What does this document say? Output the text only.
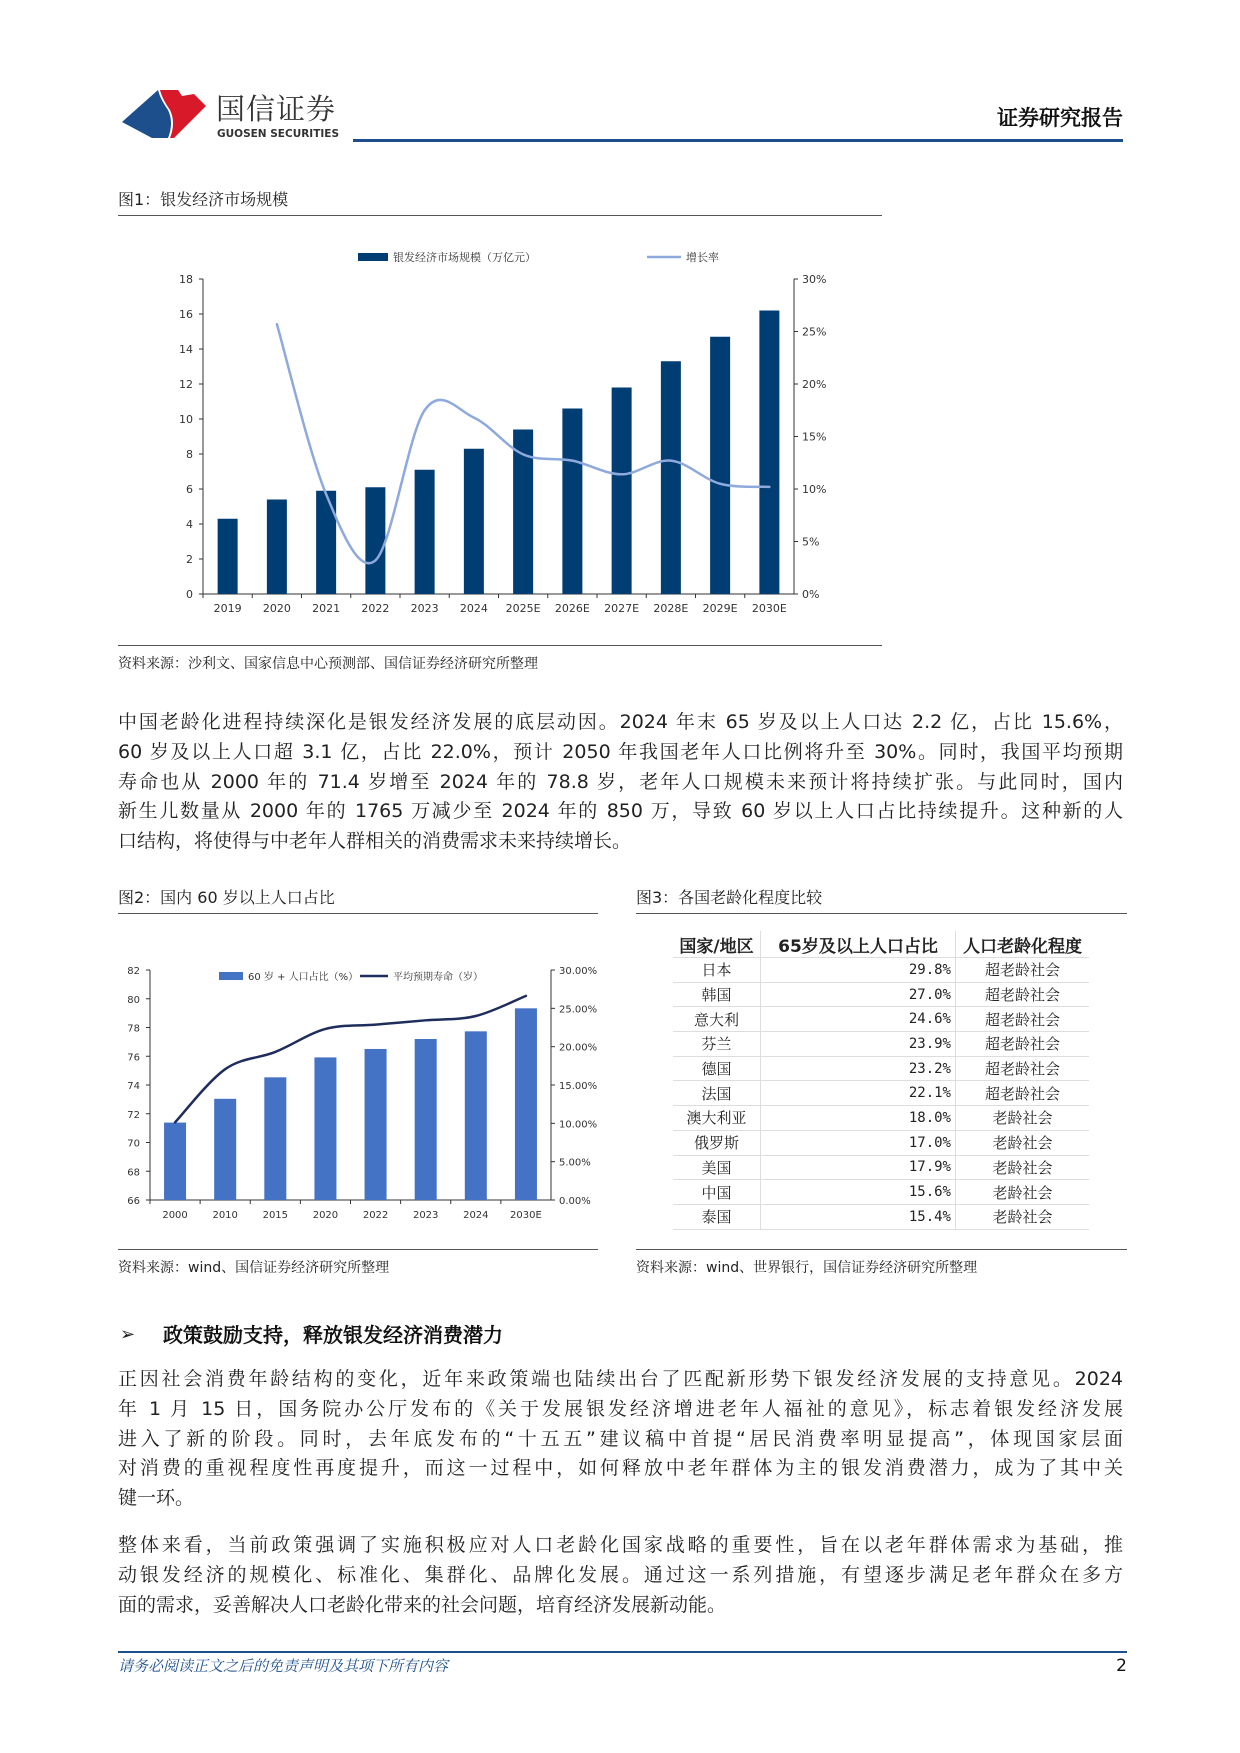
国信证券
GUOSEN SECURITIES
证券研究报告
图1：银发经济市场规模
0
2
4
6
8
10
12
14
16
18
0%
5%
10%
15%
20%
25%
30%
2019 2020 2021 2022 2023 2024 2025E 2026E 2027E 2028E 2029E 2030E
银发经济市场规模（万亿元）	增长率
资料来源：沙利文、国家信息中心预测部、国信证券经济研究所整理
中国老龄化进程持续深化是银发经济发展的底层动因。2024 年末 65 岁及以上人口达 2.2 亿，占比 15.6%，
60 岁及以上人口超 3.1 亿，占比 22.0%，预计 2050 年我国老年人口比例将升至 30%。同时，我国平均预期
寿命也从 2000 年的 71.4 岁增至 2024 年的 78.8 岁，老年人口规模未来预计将持续扩张。与此同时，国内
新生儿数量从 2000 年的 1765 万减少至 2024 年的 850 万，导致 60 岁以上人口占比持续提升。这种新的人
口结构，将使得与中老年人群相关的消费需求未来持续增长。
图2：国内 60 岁以上人口占比
66
68
70
72
74
76
78
80
82
0.00%
5.00%
10.00%
15.00%
20.00%
25.00%
30.00%
2000 2010 2015 2020 2022 2023 2024 2030E
60 岁 + 人口占比（%）	平均预期寿命（岁）
资料来源：wind、国信证券经济研究所整理
图3：各国老龄化程度比较
国家/地区	65岁及以上人口占比	人口老龄化程度
日本	29.8%	超老龄社会
韩国	27.0%	超老龄社会
意大利	24.6%	超老龄社会
芬兰	23.9%	超老龄社会
德国	23.2%	超老龄社会
法国	22.1%	超老龄社会
澳大利亚	18.0%	老龄社会
俄罗斯	17.0%	老龄社会
美国	17.9%	老龄社会
中国	15.6%	老龄社会
泰国	15.4%	老龄社会
资料来源：wind、世界银行，国信证券经济研究所整理
➢ 政策鼓励支持，释放银发经济消费潜力
正因社会消费年龄结构的变化，近年来政策端也陆续出台了匹配新形势下银发经济发展的支持意见。2024
年 1 月 15 日，国务院办公厅发布的《关于发展银发经济增进老年人福祉的意见》，标志着银发经济发展
进入了新的阶段。同时，去年底发布的“十五五”建议稿中首提“居民消费率明显提高”，体现国家层面
对消费的重视程度性再度提升，而这一过程中，如何释放中老年群体为主的银发消费潜力，成为了其中关
键一环。
整体来看，当前政策强调了实施积极应对人口老龄化国家战略的重要性，旨在以老年群体需求为基础，推
动银发经济的规模化、标准化、集群化、品牌化发展。通过这一系列措施，有望逐步满足老年群众在多方
面的需求，妥善解决人口老龄化带来的社会问题，培育经济发展新动能。
请务必阅读正文之后的免责声明及其项下所有内容	2
